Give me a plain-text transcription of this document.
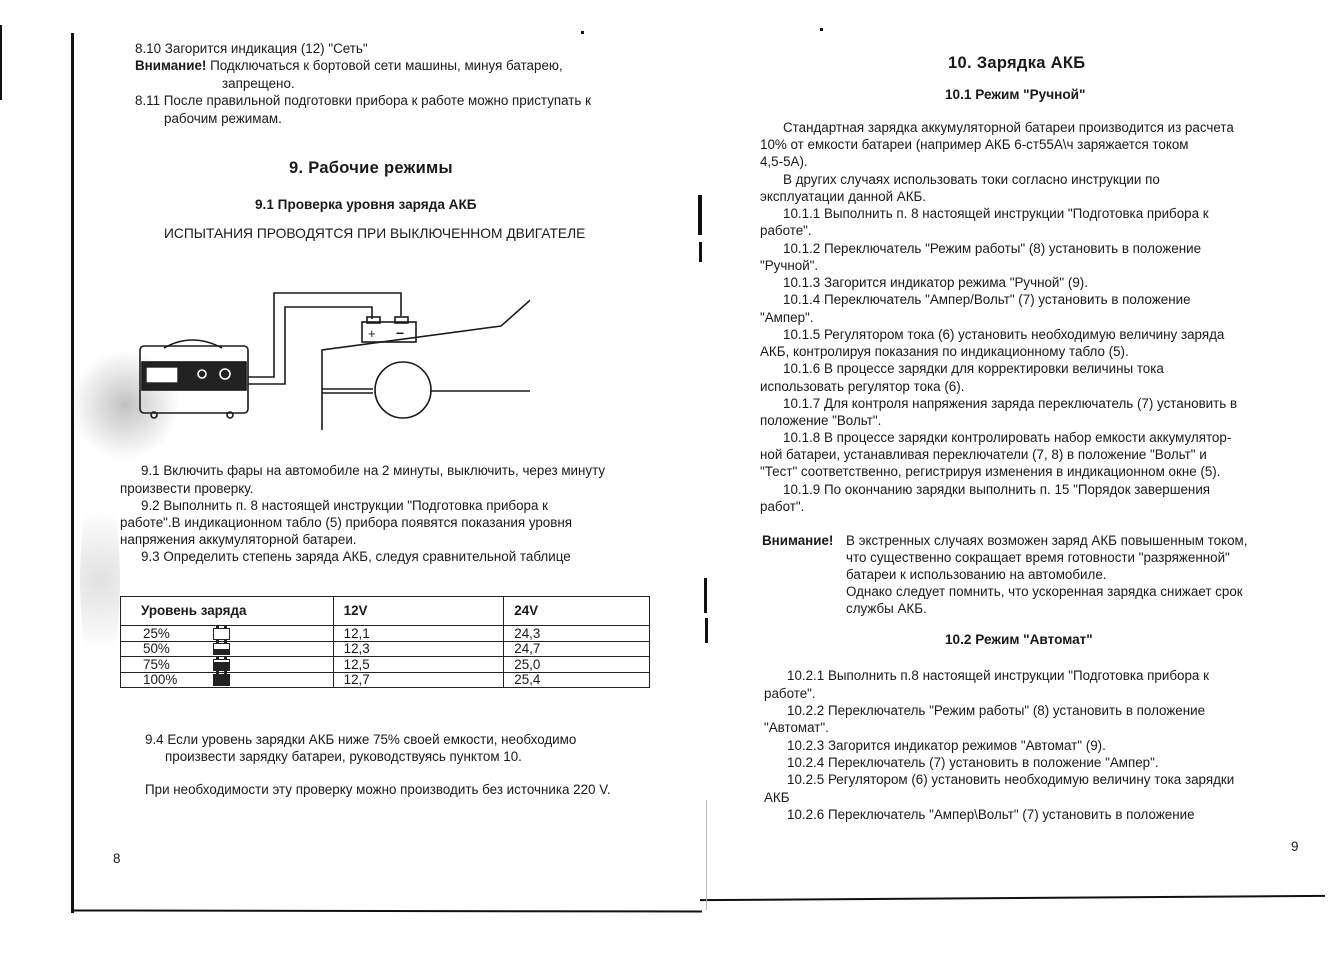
8.10 Загорится индикация (12) "Сеть"
Внимание! Подключаться к бортовой сети машины, минуя батарею,
запрещено.
8.11 После правильной подготовки прибора к работе можно приступать к
рабочим режимам.
9. Рабочие режимы
9.1 Проверка уровня заряда АКБ
ИСПЫТАНИЯ ПРОВОДЯТСЯ ПРИ ВЫКЛЮЧЕННОМ ДВИГАТЕЛЕ
+ −
9.1 Включить фары на автомобиле на 2 минуты, выключить, через минуту
произвести проверку.
9.2 Выполнить п. 8 настоящей инструкции "Подготовка прибора к
работе".В индикационном табло (5) прибора появятся показания уровня
напряжения аккумуляторной батареи.
9.3 Определить степень заряда АКБ, следуя сравнительной таблице
Уровень заряда	12V	24V
25%	12,1	24,3
50%	12,3	24,7
75%	12,5	25,0
100%	12,7	25,4
9.4 Если уровень зарядки АКБ ниже 75% своей емкости, необходимо
произвести зарядку батареи, руководствуясь пунктом 10.
При необходимости эту проверку можно производить без источника 220 V.
8
10. Зарядка АКБ
10.1 Режим "Ручной"
Стандартная зарядка аккумуляторной батареи производится из расчета
10% от емкости батареи (например АКБ 6-ст55А\ч заряжается током
4,5-5А).
В других случаях использовать токи согласно инструкции по
эксплуатации данной АКБ.
10.1.1 Выполнить п. 8 настоящей инструкции "Подготовка прибора к
работе".
10.1.2 Переключатель "Режим работы" (8) установить в положение
"Ручной".
10.1.3 Загорится индикатор режима "Ручной" (9).
10.1.4 Переключатель "Ампер/Вольт" (7) установить в положение
"Ампер".
10.1.5 Регулятором тока (6) установить необходимую величину заряда
АКБ, контролируя показания по индикационному табло (5).
10.1.6 В процессе зарядки для корректировки величины тока
использовать регулятор тока (6).
10.1.7 Для контроля напряжения заряда переключатель (7) установить в
положение "Вольт".
10.1.8 В процессе зарядки контролировать набор емкости аккумулятор-
ной батареи, устанавливая переключатели (7, 8) в положение "Вольт" и
"Тест" соответственно, регистрируя изменения в индикационном окне (5).
10.1.9 По окончанию зарядки выполнить п. 15 "Порядок завершения
работ".
Внимание! В экстренных случаях возможен заряд АКБ повышенным током,
что существенно сокращает время готовности "разряженной"
батареи к использованию на автомобиле.
Однако следует помнить, что ускоренная зарядка снижает срок
службы АКБ.
10.2 Режим "Автомат"
10.2.1 Выполнить п.8 настоящей инструкции "Подготовка прибора к
работе".
10.2.2 Переключатель "Режим работы" (8) установить в положение
"Автомат".
10.2.3 Загорится индикатор режимов "Автомат" (9).
10.2.4 Переключатель (7) установить в положение "Ампер".
10.2.5 Регулятором (6) установить необходимую величину тока зарядки
АКБ
10.2.6 Переключатель "Ампер\Вольт" (7) установить в положение
9
